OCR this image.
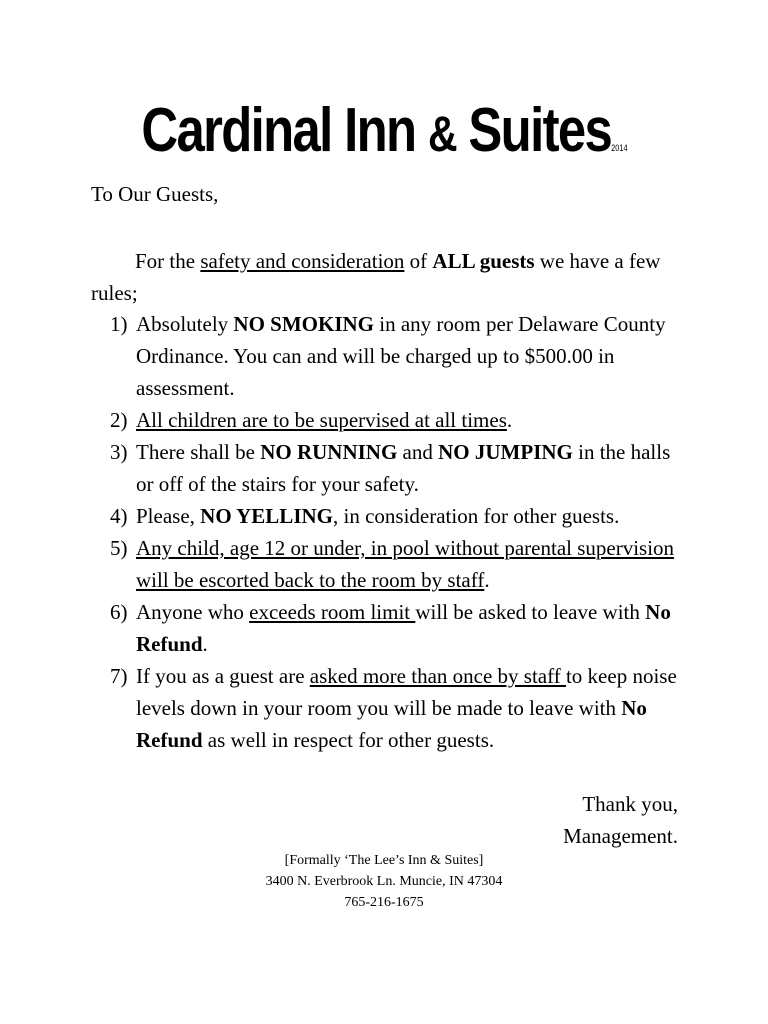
Cardinal Inn & Suites2014
To Our Guests,
For the safety and consideration of ALL guests we have a few rules;
1) Absolutely NO SMOKING in any room per Delaware County Ordinance. You can and will be charged up to $500.00 in assessment.
2) All children are to be supervised at all times.
3) There shall be NO RUNNING and NO JUMPING in the halls or off of the stairs for your safety.
4) Please, NO YELLING, in consideration for other guests.
5) Any child, age 12 or under, in pool without parental supervision will be escorted back to the room by staff.
6) Anyone who exceeds room limit will be asked to leave with No Refund.
7) If you as a guest are asked more than once by staff to keep noise levels down in your room you will be made to leave with No Refund as well in respect for other guests.
Thank you,
Management.
[Formally ‘The Lee’s Inn & Suites]
3400 N. Everbrook Ln. Muncie, IN 47304
765-216-1675
